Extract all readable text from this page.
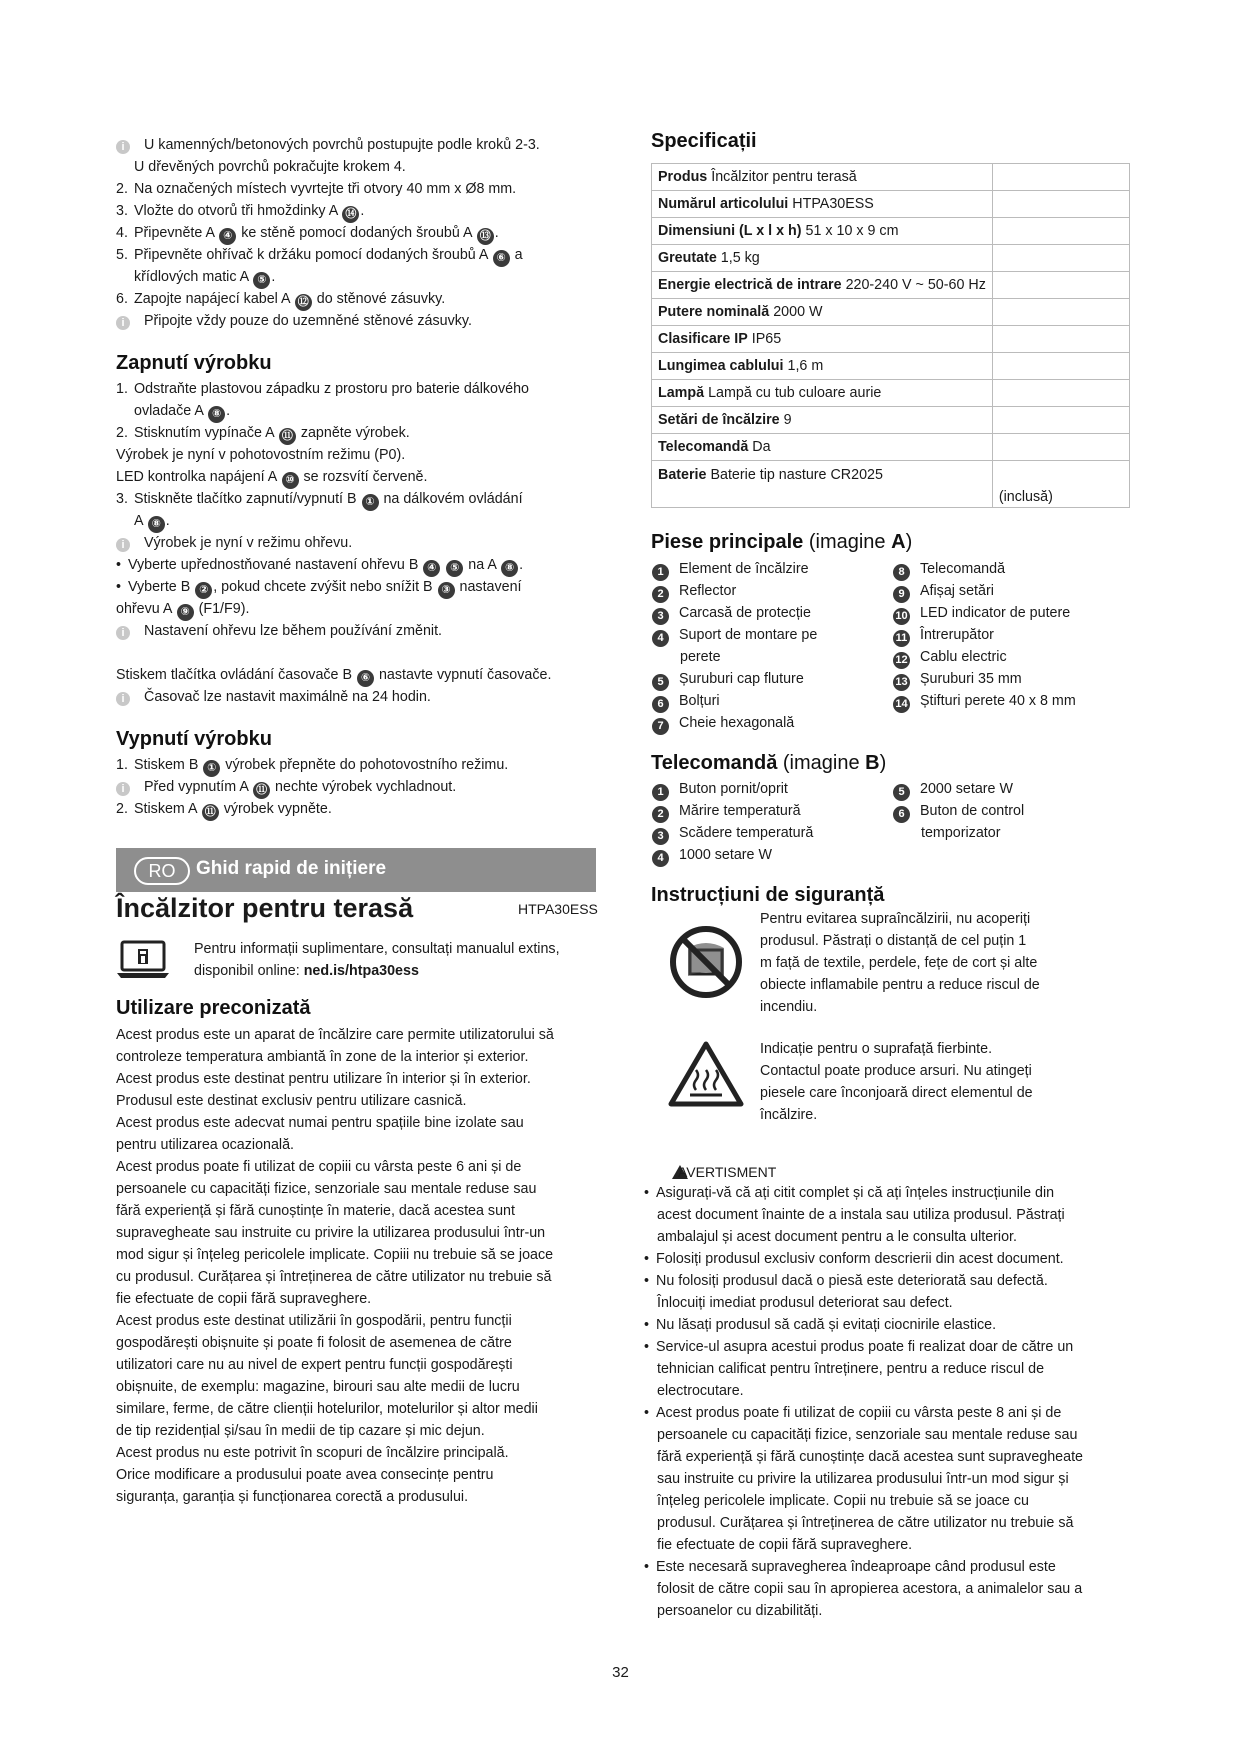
i U kamenných/betonových povrchů postupujte podle kroků 2-3.
U dřevěných povrchů pokračujte krokem 4.
2. Na označených místech vyvrtejte tři otvory 40 mm x Ø8 mm.
3. Vložte do otvorů tři hmoždinky A ⑭ .
4. Připevněte A ④ ke stěně pomocí dodaných šroubů A ⑬ .
5. Připevněte ohřívač k držáku pomocí dodaných šroubů A ⑥ a
křídlových matic A ⑤ .
6. Zapojte napájecí kabel A ⑫ do stěnové zásuvky.
i Připojte vždy pouze do uzemněné stěnové zásuvky.
Zapnutí výrobku
1. Odstraňte plastovou západku z prostoru pro baterie dálkového
ovladače A ⑧ .
2. Stisknutím vypínače A ⑪ zapněte výrobek.
Výrobek je nyní v pohotovostním režimu (P0).
LED kontrolka napájení A ⑩ se rozsvítí červeně.
3. Stiskněte tlačítko zapnutí/vypnutí B ① na dálkovém ovládání
A ⑧ .
i Výrobek je nyní v režimu ohřevu.
• Vyberte upřednostňované nastavení ohřevu B ④ ⑤ na A ⑧ .
• Vyberte B ② , pokud chcete zvýšit nebo snížit B ③ nastavení
ohřevu A ⑨ (F1/F9).
i Nastavení ohřevu lze během používání změnit.
Stiskem tlačítka ovládání časovače B ⑥ nastavte vypnutí časovače.
i Časovač lze nastavit maximálně na 24 hodin.
Vypnutí výrobku
1. Stiskem B ① výrobek přepněte do pohotovostního režimu.
i Před vypnutím A ⑪ nechte výrobek vychladnout.
2. Stiskem A ⑪ výrobek vypněte.
RO	Ghid rapid de inițiere
Încălzitor pentru terasă	HTPA30ESS
Pentru informații suplimentare, consultați manualul extins,
disponibil online: ned.is/htpa30ess
Utilizare preconizată
Acest produs este un aparat de încălzire care permite utilizatorului să
controleze temperatura ambiantă în zone de la interior și exterior.
Acest produs este destinat pentru utilizare în interior și în exterior.
Produsul este destinat exclusiv pentru utilizare casnică.
Acest produs este adecvat numai pentru spațiile bine izolate sau
pentru utilizarea ocazională.
Acest produs poate fi utilizat de copiii cu vârsta peste 6 ani și de
persoanele cu capacități fizice, senzoriale sau mentale reduse sau
fără experiență și fără cunoștințe în materie, dacă acestea sunt
supravegheate sau instruite cu privire la utilizarea produsului într-un
mod sigur și înțeleg pericolele implicate. Copiii nu trebuie să se joace
cu produsul. Curățarea și întreținerea de către utilizator nu trebuie să
fie efectuate de copii fără supraveghere.
Acest produs este destinat utilizării în gospodării, pentru funcții
gospodărești obișnuite și poate fi folosit de asemenea de către
utilizatori care nu au nivel de expert pentru funcții gospodărești
obișnuite, de exemplu: magazine, birouri sau alte medii de lucru
similare, ferme, de către clienții hotelurilor, motelurilor și altor medii
de tip rezidențial și/sau în medii de tip cazare și mic dejun.
Acest produs nu este potrivit în scopuri de încălzire principală.
Orice modificare a produsului poate avea consecințe pentru
siguranța, garanția și funcționarea corectă a produsului.
Specificații
Produs Încălzitor pentru terasă	
Numărul articolului HTPA30ESS	
Dimensiuni (L x l x h) 51 x 10 x 9 cm	
Greutate 1,5 kg	
Energie electrică de intrare 220-240 V ~ 50-60 Hz	
Putere nominală 2000 W	
Clasificare IP IP65	
Lungimea cablului 1,6 m	
Lampă Lampă cu tub culoare aurie	
Setări de încălzire 9	
Telecomandă Da	
Baterie Baterie tip nasture CR2025	(inclusă)
Piese principale (imagine A)
1 Element de încălzire
2 Reflector
3 Carcasă de protecție
4 Suport de montare pe
perete
5 Șuruburi cap fluture
6 Bolțuri
7 Cheie hexagonală
8 Telecomandă
9 Afișaj setări
10 LED indicator de putere
11 Întrerupător
12 Cablu electric
13 Șuruburi 35 mm
14 Știfturi perete 40 x 8 mm
Telecomandă (imagine B)
1 Buton pornit/oprit
2 Mărire temperatură
3 Scădere temperatură
4 1000 setare W
5 2000 setare W
6 Buton de control
temporizator
Instrucțiuni de siguranță
Pentru evitarea supraîncălzirii, nu acoperiți
produsul. Păstrați o distanță de cel puțin 1
m față de textile, perdele, fețe de cort și alte
obiecte inflamabile pentru a reduce riscul de
incendiu.
Indicație pentru o suprafață fierbinte.
Contactul poate produce arsuri. Nu atingeți
piesele care înconjoară direct elementul de
încălzire.
AVERTISMENT
• Asigurați-vă că ați citit complet și că ați înțeles instrucțiunile din
acest document înainte de a instala sau utiliza produsul. Păstrați
ambalajul și acest document pentru a le consulta ulterior.
• Folosiți produsul exclusiv conform descrierii din acest document.
• Nu folosiți produsul dacă o piesă este deteriorată sau defectă.
Înlocuiți imediat produsul deteriorat sau defect.
• Nu lăsați produsul să cadă și evitați ciocnirile elastice.
• Service-ul asupra acestui produs poate fi realizat doar de către un
tehnician calificat pentru întreținere, pentru a reduce riscul de
electrocutare.
• Acest produs poate fi utilizat de copiii cu vârsta peste 8 ani și de
persoanele cu capacități fizice, senzoriale sau mentale reduse sau
fără experiență și fără cunoștințe dacă acestea sunt supravegheate
sau instruite cu privire la utilizarea produsului într-un mod sigur și
înțeleg pericolele implicate. Copii nu trebuie să se joace cu
produsul. Curățarea și întreținerea de către utilizator nu trebuie să
fie efectuate de copii fără supraveghere.
• Este necesară supravegherea îndeaproape când produsul este
folosit de către copii sau în apropierea acestora, a animalelor sau a
persoanelor cu dizabilități.
32
